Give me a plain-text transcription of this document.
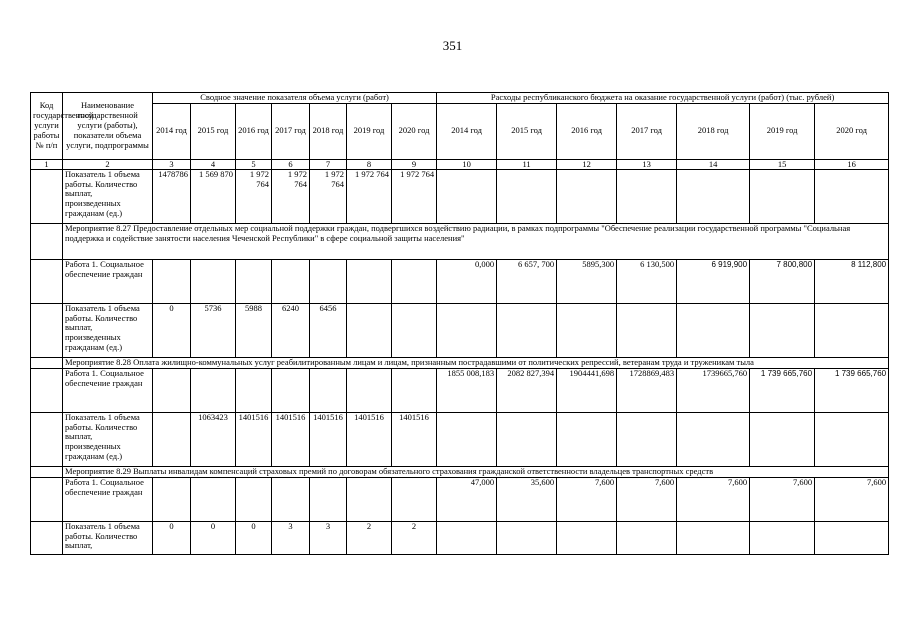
351
Код государственной услуги работы № п/п	Наименование государственной услуги (работы), показатели объема услуги, подпрограммы	Сводное значение показателя объема услуги (работ)							Расходы республиканского бюджета на оказание государственной услуги (работ) (тыс. рублей)						
		2014 год	2015 год	2016 год	2017 год	2018 год	2019 год	2020 год	2014 год	2015 год	2016 год	2017 год	2018 год	2019 год	2020 год
1	2	3	4	5	6	7	8	9	10	11	12	13	14	15	16
	Показатель 1 объема работы. Количество выплат, произведенных гражданам (ед.)	1478786	1 569 870	1 972 764	1 972 764	1 972 764	1 972 764	1 972 764							
	Мероприятие 8.27 Предоставление отдельных мер социальной поддержки граждан, подвергшихся воздействию радиации, в рамках подпрограммы "Обеспечение реализации государственной программы "Социальная поддержка и содействие занятости населения Чеченской Республики" в сфере социальной защиты населения"														
	Работа 1. Социальное обеспечение граждан								0,000	6 657, 700	5895,300	6 130,500	6 919,900	7 800,800	8 112,800
	Показатель 1 объема работы. Количество выплат, произведенных гражданам (ед.)	0	5736	5988	6240	6456									
	Мероприятие 8.28 Оплата жилищно-коммунальных услуг реабилитированным лицам и лицам, признанным пострадавшими от политических репрессий, ветеранам труда и труженикам тыла														
	Работа 1. Социальное обеспечение граждан								1855 008,183	2082 827,394	1904441,698	1728869,483	1739665,760	1 739 665,760	1 739 665,760
	Показатель 1 объема работы. Количество выплат, произведенных гражданам (ед.)		1063423	1401516	1401516	1401516	1401516	1401516							
	Мероприятие 8.29 Выплаты инвалидам компенсаций страховых премий по договорам обязательного страхования гражданской ответственности владельцев транспортных средств														
	Работа 1. Социальное обеспечение граждан								47,000	35,600	7,600	7,600	7,600	7,600	7,600
	Показатель 1 объема работы. Количество выплат,	0	0	0	3	3	2	2							
